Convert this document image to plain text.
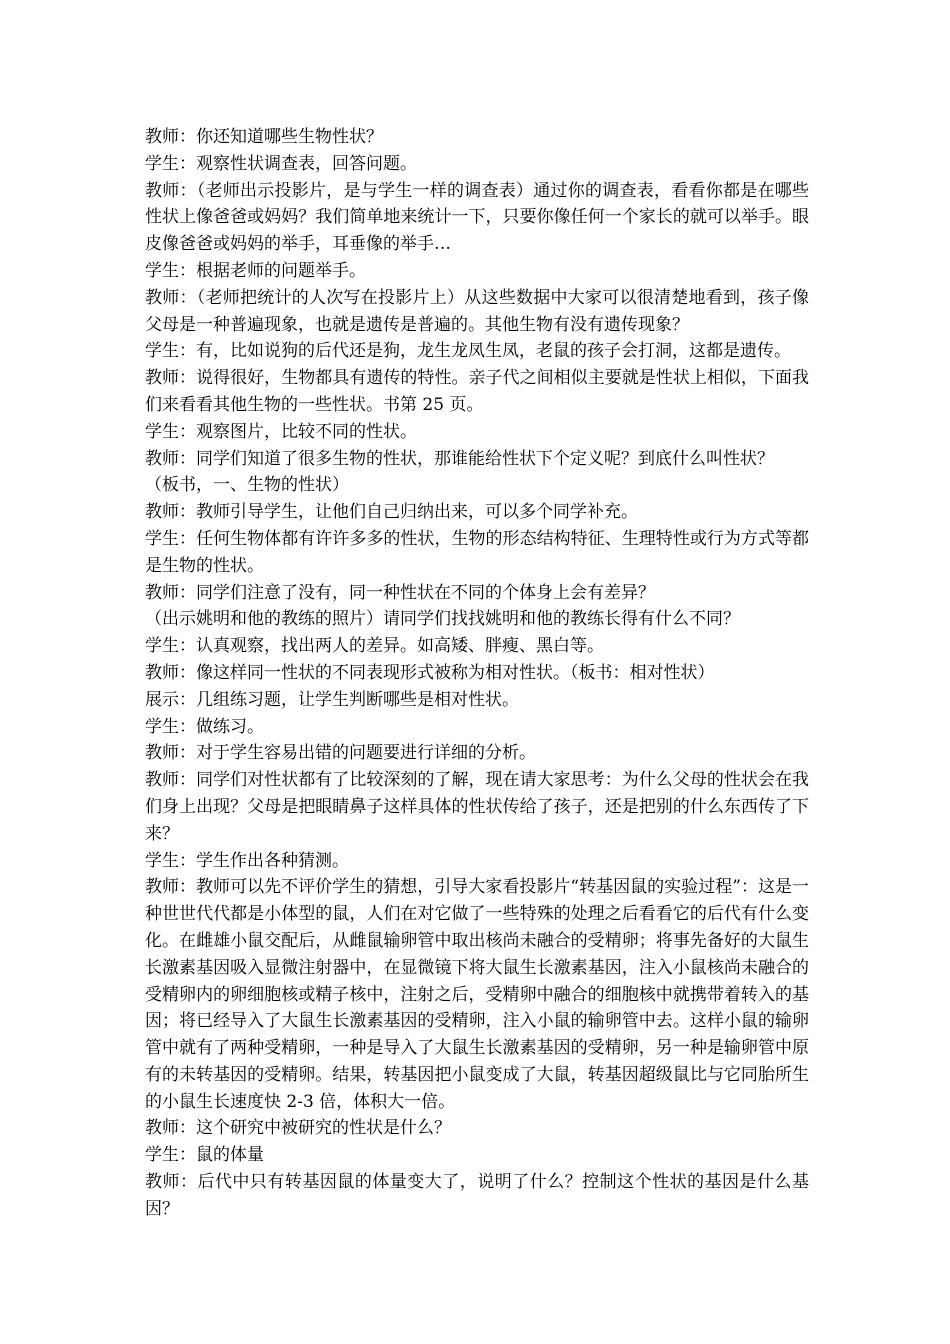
教师：你还知道哪些生物性状？

学生：观察性状调查表，回答问题。

教师：（老师出示投影片，是与学生一样的调查表）通过你的调查表，看看你都是在哪些性状上像爸爸或妈妈？我们简单地来统计一下，只要你像任何一个家长的就可以举手。眼皮像爸爸或妈妈的举手，耳垂像的举手…

学生：根据老师的问题举手。

教师：（老师把统计的人次写在投影片上）从这些数据中大家可以很清楚地看到，孩子像父母是一种普遍现象，也就是遗传是普遍的。其他生物有没有遗传现象？

学生：有，比如说狗的后代还是狗，龙生龙凤生凤，老鼠的孩子会打洞，这都是遗传。

教师：说得很好，生物都具有遗传的特性。亲子代之间相似主要就是性状上相似，下面我们来看看其他生物的一些性状。书第 25 页。

学生：观察图片，比较不同的性状。

教师：同学们知道了很多生物的性状，那谁能给性状下个定义呢？到底什么叫性状？

（板书，一、生物的性状）

教师：教师引导学生，让他们自己归纳出来，可以多个同学补充。

学生：任何生物体都有许许多多的性状，生物的形态结构特征、生理特性或行为方式等都是生物的性状。

教师：同学们注意了没有，同一种性状在不同的个体身上会有差异？

（出示姚明和他的教练的照片）请同学们找找姚明和他的教练长得有什么不同？

学生：认真观察，找出两人的差异。如高矮、胖瘦、黑白等。

教师：像这样同一性状的不同表现形式被称为相对性状。（板书：相对性状）

展示：几组练习题，让学生判断哪些是相对性状。

学生：做练习。

教师：对于学生容易出错的问题要进行详细的分析。

教师：同学们对性状都有了比较深刻的了解，现在请大家思考：为什么父母的性状会在我们身上出现？父母是把眼睛鼻子这样具体的性状传给了孩子，还是把别的什么东西传了下来？

学生：学生作出各种猜测。

教师：教师可以先不评价学生的猜想，引导大家看投影片“转基因鼠的实验过程”：这是一种世世代代都是小体型的鼠，人们在对它做了一些特殊的处理之后看看它的后代有什么变化。在雌雄小鼠交配后，从雌鼠输卵管中取出核尚未融合的受精卵；将事先备好的大鼠生长激素基因吸入显微注射器中，在显微镜下将大鼠生长激素基因，注入小鼠核尚未融合的受精卵内的卵细胞核或精子核中，注射之后，受精卵中融合的细胞核中就携带着转入的基因；将已经导入了大鼠生长激素基因的受精卵，注入小鼠的输卵管中去。这样小鼠的输卵管中就有了两种受精卵，一种是导入了大鼠生长激素基因的受精卵，另一种是输卵管中原有的未转基因的受精卵。结果，转基因把小鼠变成了大鼠，转基因超级鼠比与它同胎所生的小鼠生长速度快 2-3 倍，体积大一倍。

教师：这个研究中被研究的性状是什么？

学生：鼠的体量

教师：后代中只有转基因鼠的体量变大了，说明了什么？控制这个性状的基因是什么基因？
